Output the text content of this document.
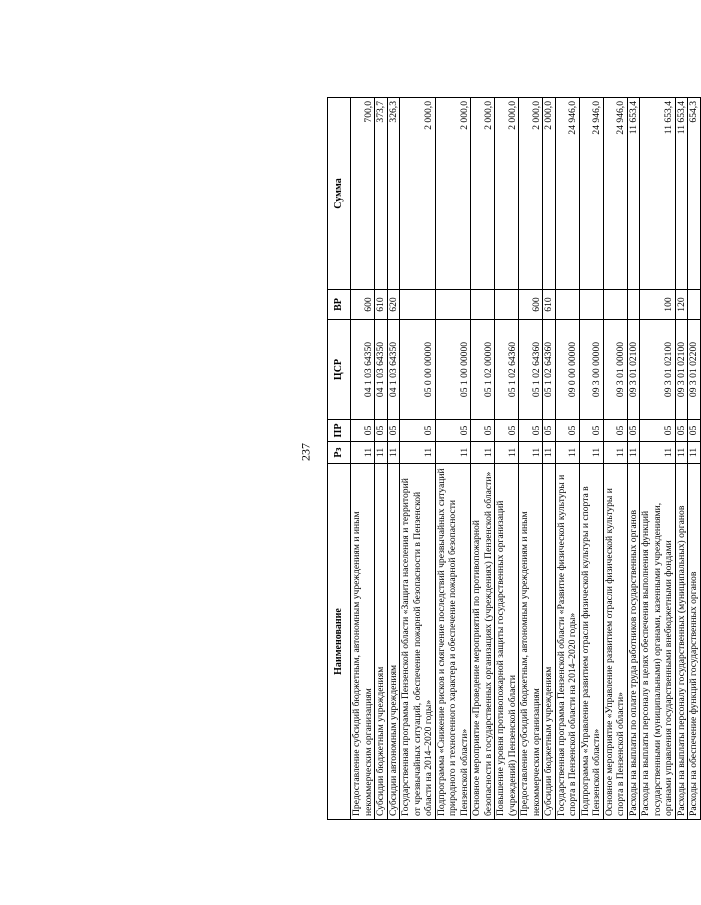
237
Наименование	Рз	ПР	ЦСР	ВР	Сумма
Предоставление субсидий бюджетным, автономным учреждениям и иным некоммерческим организациям	11	05	04 1 03 64350	600	700,0
Субсидии бюджетным учреждениям	11	05	04 1 03 64350	610	373,7
Субсидии автономным учреждениям	11	05	04 1 03 64350	620	326,3
Государственная программа Пензенской области «Защита населения и территорий от чрезвычайных ситуаций, обеспечение пожарной безопасности в Пензенской области на 2014–2020 годы»	11	05	05 0 00 00000		2 000,0
Подпрограмма «Снижение рисков и смягчение последствий чрезвычайных ситуаций природного и техногенного характера и обеспечение пожарной безопасности Пензенской области»	11	05	05 1 00 00000		2 000,0
Основное мероприятие «Проведение мероприятий по противопожарной безопасности в государственных организациях (учреждениях) Пензенской области»	11	05	05 1 02 00000		2 000,0
Повышение уровня противопожарной защиты государственных организаций (учреждений) Пензенской области	11	05	05 1 02 64360		2 000,0
Предоставление субсидий бюджетным, автономным учреждениям и иным некоммерческим организациям	11	05	05 1 02 64360	600	2 000,0
Субсидии бюджетным учреждениям	11	05	05 1 02 64360	610	2 000,0
Государственная программа Пензенской области «Развитие физической культуры и спорта в Пензенской области на 2014–2020 годы»	11	05	09 0 00 00000		24 946,0
Подпрограмма «Управление развитием отрасли физической культуры и спорта в Пензенской области»	11	05	09 3 00 00000		24 946,0
Основное мероприятие «Управление развитием отрасли физической культуры и спорта в Пензенской области»	11	05	09 3 01 00000		24 946,0
Расходы на выплаты по оплате труда работников государственных органов	11	05	09 3 01 02100		11 653,4
Расходы на выплаты персоналу в целях обеспечения выполнения функций государственными (муниципальными) органами, казенными учреждениями, органами управления государственными внебюджетными фондами	11	05	09 3 01 02100	100	11 653,4
Расходы на выплаты персоналу государственных (муниципальных) органов	11	05	09 3 01 02100	120	11 653,4
Расходы на обеспечение функций государственных органов	11	05	09 3 01 02200		654,3
